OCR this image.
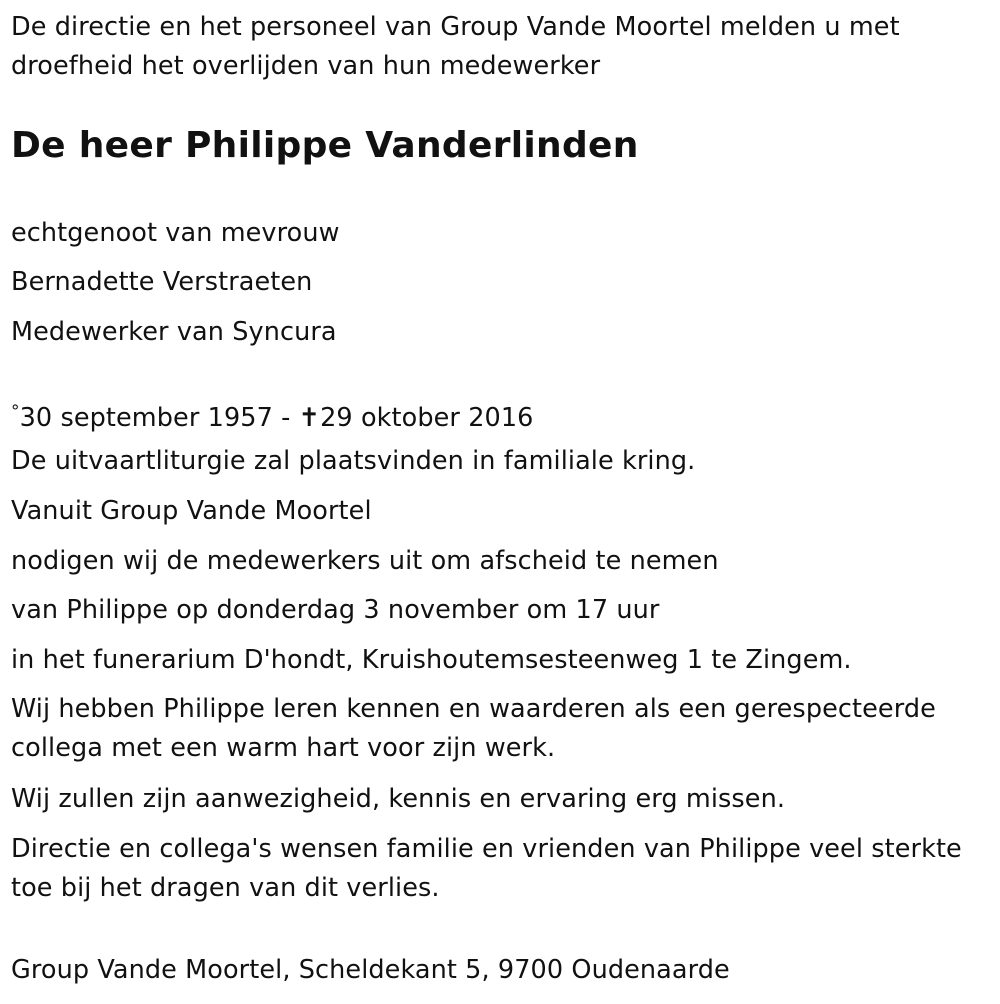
De directie en het personeel van Group Vande Moortel melden u met
droefheid het overlijden van hun medewerker
De heer Philippe Vanderlinden
echtgenoot van mevrouw
Bernadette Verstraeten
Medewerker van Syncura
°30 september 1957 - ✝29 oktober 2016
De uitvaartliturgie zal plaatsvinden in familiale kring.
Vanuit Group Vande Moortel
nodigen wij de medewerkers uit om afscheid te nemen
van Philippe op donderdag 3 november om 17 uur
in het funerarium D'hondt, Kruishoutemsesteenweg 1 te Zingem.
Wij hebben Philippe leren kennen en waarderen als een gerespecteerde
collega met een warm hart voor zijn werk.
Wij zullen zijn aanwezigheid, kennis en ervaring erg missen.
Directie en collega's wensen familie en vrienden van Philippe veel sterkte
toe bij het dragen van dit verlies.
Group Vande Moortel, Scheldekant 5, 9700 Oudenaarde
